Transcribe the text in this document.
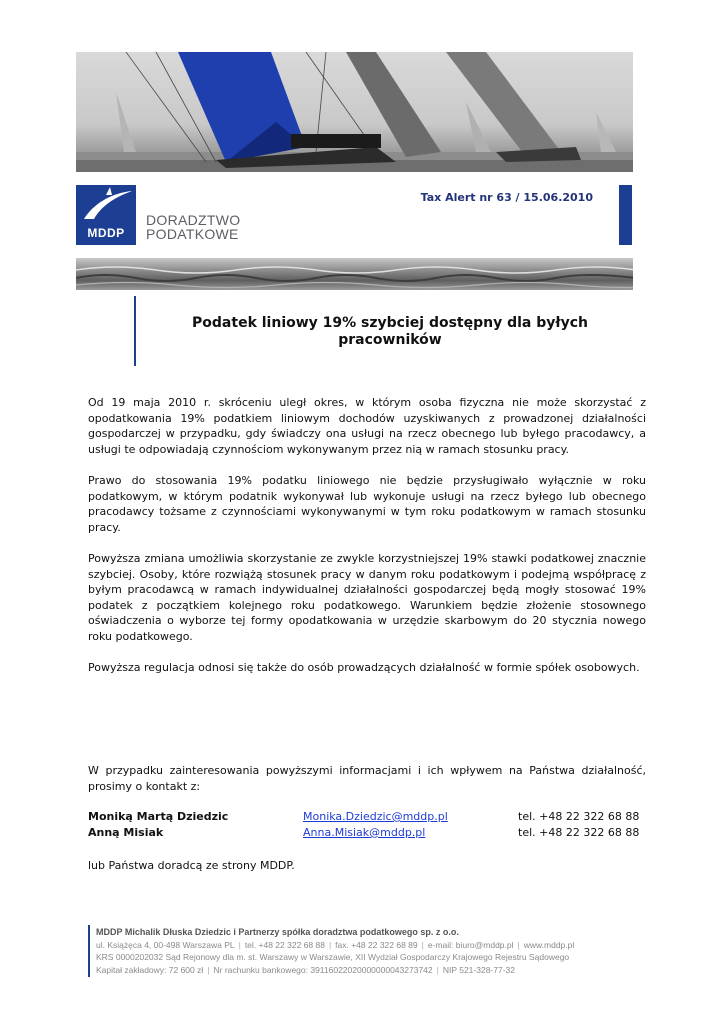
MDDP
DORADZTWO
PODATKOWE
Tax Alert nr 63 / 15.06.2010
Podatek liniowy 19% szybciej dostępny dla byłych pracowników

Od 19 maja 2010 r. skróceniu uległ okres, w którym osoba fizyczna nie może skorzystać z opodatkowania 19% podatkiem liniowym dochodów uzyskiwanych z prowadzonej działalności gospodarczej w przypadku, gdy świadczy ona usługi na rzecz obecnego lub byłego pracodawcy, a usługi te odpowiadają czynnościom wykonywanym przez nią w ramach stosunku pracy.

Prawo do stosowania 19% podatku liniowego nie będzie przysługiwało wyłącznie w roku podatkowym, w którym podatnik wykonywał lub wykonuje usługi na rzecz byłego lub obecnego pracodawcy tożsame z czynnościami wykonywanymi w tym roku podatkowym w ramach stosunku pracy.

Powyższa zmiana umożliwia skorzystanie ze zwykle korzystniejszej 19% stawki podatkowej znacznie szybciej. Osoby, które rozwiążą stosunek pracy w danym roku podatkowym i podejmą współpracę z byłym pracodawcą w ramach indywidualnej działalności gospodarczej będą mogły stosować 19% podatek z początkiem kolejnego roku podatkowego. Warunkiem będzie złożenie stosownego oświadczenia o wyborze tej formy opodatkowania w urzędzie skarbowym do 20 stycznia nowego roku podatkowego.

Powyższa regulacja odnosi się także do osób prowadzących działalność w formie spółek osobowych.

W przypadku zainteresowania powyższymi informacjami i ich wpływem na Państwa działalność, prosimy o kontakt z:

Moniką Martą Dziedzic	Monika.Dziedzic@mddp.pl	tel. +48 22 322 68 88
Anną Misiak	Anna.Misiak@mddp.pl	tel. +48 22 322 68 88

lub Państwa doradcą ze strony MDDP.

MDDP Michalik Dłuska Dziedzic i Partnerzy spółka doradztwa podatkowego sp. z o.o.
ul. Książęca 4, 00-498 Warszawa PL | tel. +48 22 322 68 88 | fax. +48 22 322 68 89 | e-mail: biuro@mddp.pl | www.mddp.pl
KRS 0000202032 Sąd Rejonowy dla m. st. Warszawy w Warszawie, XII Wydział Gospodarczy Krajowego Rejestru Sądowego
Kapitał zakładowy: 72 600 zł | Nr rachunku bankowego: 39116022020000000043273742 | NIP 521-328-77-32
